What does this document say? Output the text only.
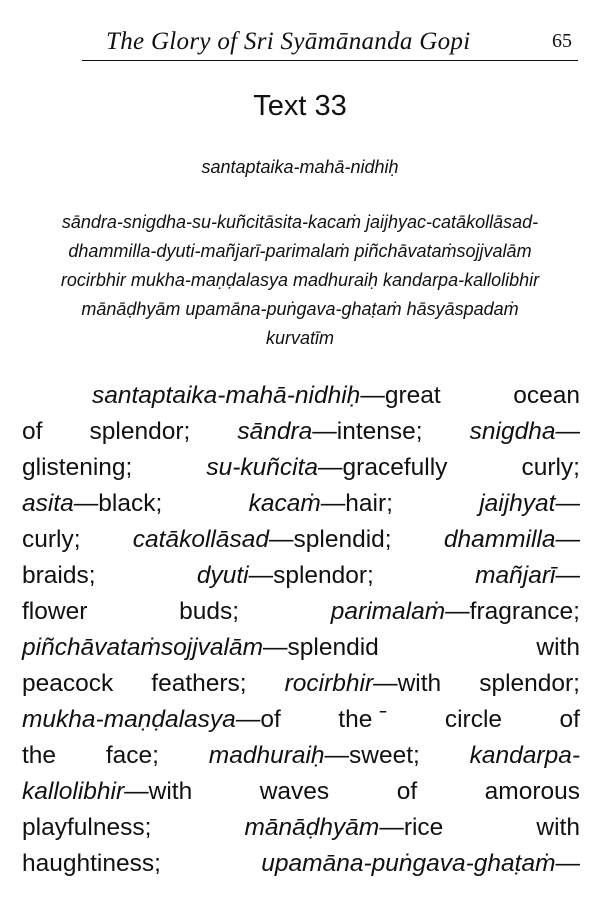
The Glory of Sri Syāmānanda Gopi	65
Text 33
santaptaika-mahā-nidhiḥ
sāndra-snigdha-su-kuñcitāsita-kacaṁ jaijhyac-catākollāsad-
dhammilla-dyuti-mañjarī-parimalaṁ piñchāvataṁsojjvalām
rocirbhir mukha-maṇḍalasya madhuraiḥ kandarpa-kallolibhir
mānāḍhyām upamāna-puṅgava-ghaṭaṁ hāsyāspadaṁ
kurvatīm
santaptaika-mahā-nidhiḥ—great	ocean
of splendor; sāndra—intense; snigdha—
glistening;	su-kuñcita—gracefully	curly;
asita—black;	kacaṁ—hair;	jaijhyat—
curly; catākollāsad—splendid; dhammilla—
braids;	dyuti—splendor;	mañjarī—
flower	buds;	parimalaṁ—fragrance;
piñchāvataṁsojjvalām—splendid	with
peacock feathers; rocirbhir—with splendor;
mukha-maṇḍalasya—of the ˉ circle of
the face; madhuraiḥ—sweet; kandarpa-
kallolibhir—with	waves	of	amorous
playfulness;	mānāḍhyām—rice	with
haughtiness;	upamāna-puṅgava-ghaṭaṁ—
